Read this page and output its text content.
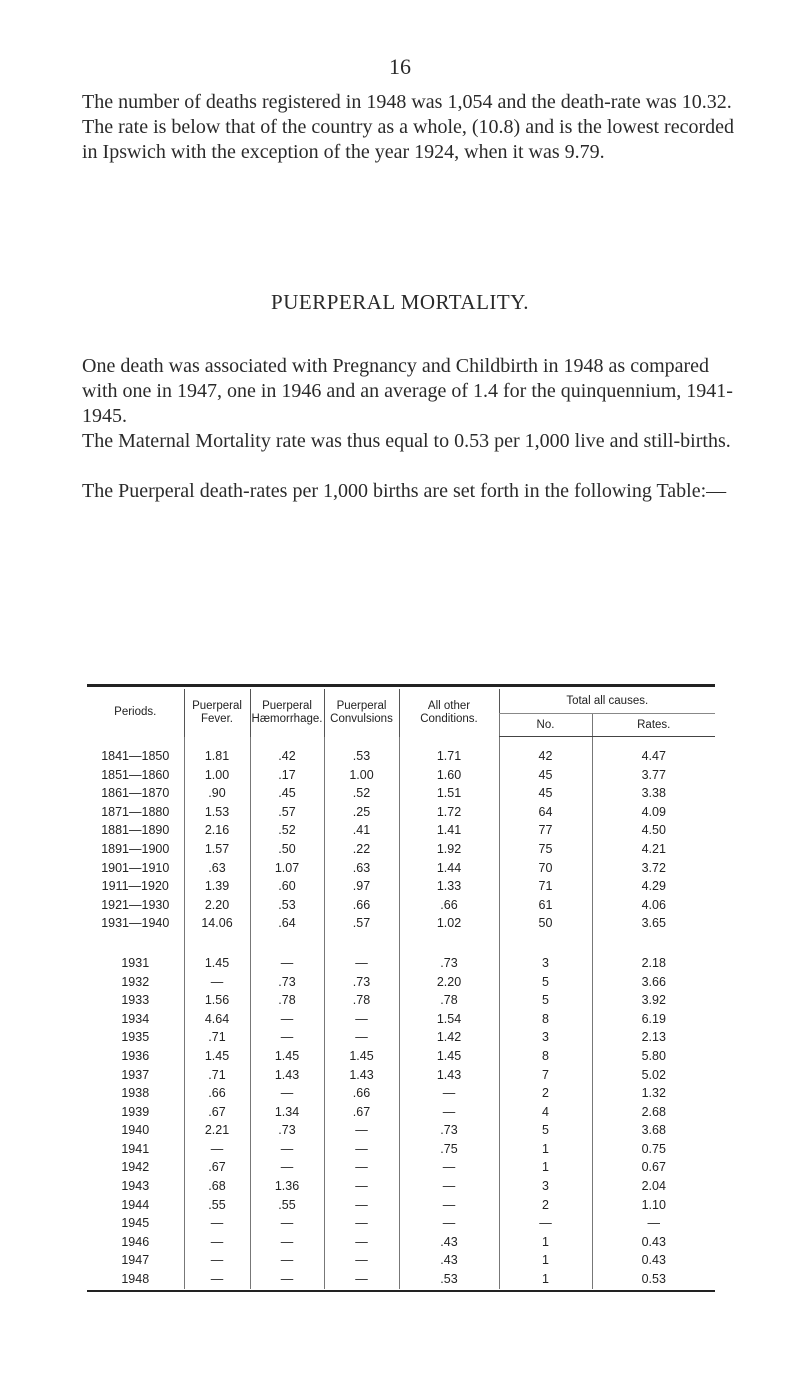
16

The number of deaths registered in 1948 was 1,054 and the death-rate was 10.32. The rate is below that of the country as a whole, (10.8) and is the lowest recorded in Ipswich with the exception of the year 1924, when it was 9.79.

PUERPERAL MORTALITY.

One death was associated with Pregnancy and Childbirth in 1948 as compared with one in 1947, one in 1946 and an average of 1.4 for the quinquennium, 1941-1945.

The Maternal Mortality rate was thus equal to 0.53 per 1,000 live and still-births.

The Puerperal death-rates per 1,000 births are set forth in the following Table:—

Periods.	Puerperal Fever.	Puerperal Hæmorrhage.	Puerperal Convulsions	All other Conditions.	Total all causes.	
					No.	Rates.

1841—1850	1.81	.42	.53	1.71	42	4.47
1851—1860	1.00	.17	1.00	1.60	45	3.77
1861—1870	.90	.45	.52	1.51	45	3.38
1871—1880	1.53	.57	.25	1.72	64	4.09
1881—1890	2.16	.52	.41	1.41	77	4.50
1891—1900	1.57	.50	.22	1.92	75	4.21
1901—1910	.63	1.07	.63	1.44	70	3.72
1911—1920	1.39	.60	.97	1.33	71	4.29
1921—1930	2.20	.53	.66	.66	61	4.06
1931—1940	14.06	.64	.57	1.02	50	3.65

1931	1.45	—	—	.73	3	2.18
1932	—	.73	.73	2.20	5	3.66
1933	1.56	.78	.78	.78	5	3.92
1934	4.64	—	—	1.54	8	6.19
1935	.71	—	—	1.42	3	2.13
1936	1.45	1.45	1.45	1.45	8	5.80
1937	.71	1.43	1.43	1.43	7	5.02
1938	.66	—	.66	—	2	1.32
1939	.67	1.34	.67	—	4	2.68
1940	2.21	.73	—	.73	5	3.68
1941	—	—	—	.75	1	0.75
1942	.67	—	—	—	1	0.67
1943	.68	1.36	—	—	3	2.04
1944	.55	.55	—	—	2	1.10
1945	—	—	—	—	—	—
1946	—	—	—	.43	1	0.43
1947	—	—	—	.43	1	0.43
1948	—	—	—	.53	1	0.53
